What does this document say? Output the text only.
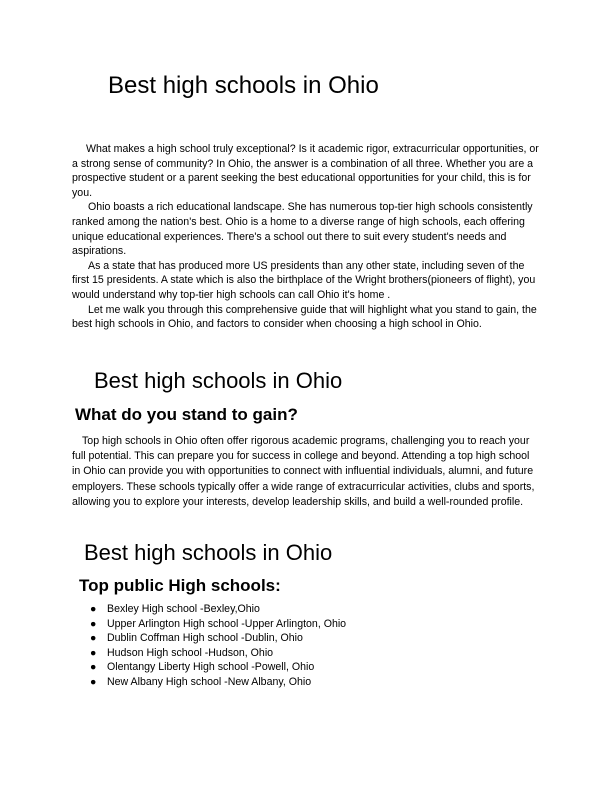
Best high schools in Ohio

What makes a high school truly exceptional? Is it academic rigor, extracurricular opportunities, or a strong sense of community? In Ohio, the answer is a combination of all three. Whether you are a prospective student or a parent seeking the best educational opportunities for your child, this is for you.

Ohio boasts a rich educational landscape. She has numerous top-tier high schools consistently ranked among the nation's best. Ohio is a home to a diverse range of high schools, each offering unique educational experiences. There's a school out there to suit every student's needs and aspirations.

As a state that has produced more US presidents than any other state, including seven of the first 15 presidents. A state which is also the birthplace of the Wright brothers(pioneers of flight), you would understand why top-tier high schools can call Ohio it's home .

Let me walk you through this comprehensive guide that will highlight what you stand to gain, the best high schools in Ohio, and factors to consider when choosing a high school in Ohio.

Best high schools in Ohio
What do you stand to gain?

Top high schools in Ohio often offer rigorous academic programs, challenging you to reach your full potential. This can prepare you for success in college and beyond. Attending a top high school in Ohio can provide you with opportunities to connect with influential individuals, alumni, and future employers. These schools typically offer a wide range of extracurricular activities, clubs and sports, allowing you to explore your interests, develop leadership skills, and build a well-rounded profile.

Best high schools in Ohio
Top public High schools:
● Bexley High school -Bexley,Ohio
● Upper Arlington High school -Upper Arlington, Ohio
● Dublin Coffman High school -Dublin, Ohio
● Hudson High school -Hudson, Ohio
● Olentangy Liberty High school -Powell, Ohio
● New Albany High school -New Albany, Ohio
